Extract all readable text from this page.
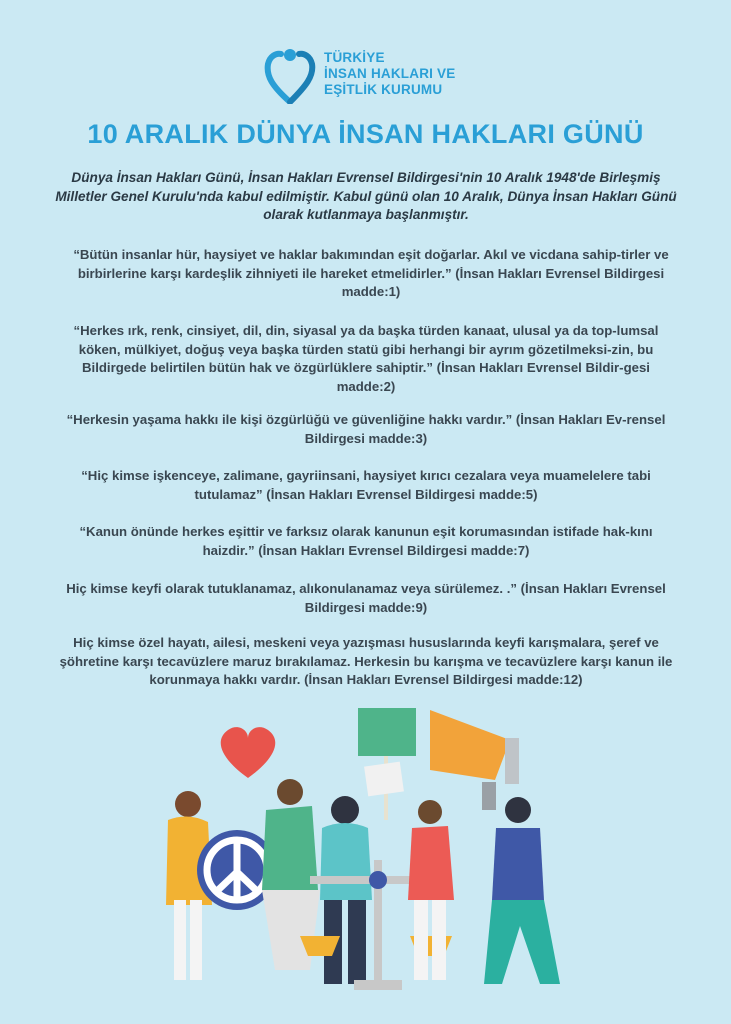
TÜRKİYE
İNSAN HAKLARI VE
EŞİTLİK KURUMU
10 ARALIK DÜNYA İNSAN HAKLARI GÜNÜ
Dünya İnsan Hakları Günü, İnsan Hakları Evrensel Bildirgesi'nin 10 Aralık 1948'de Birleşmiş Milletler Genel Kurulu'nda kabul edilmiştir. Kabul günü olan 10 Aralık, Dünya İnsan Hakları Günü olarak kutlanmaya başlanmıştır.
“Bütün insanlar hür, haysiyet ve haklar bakımından eşit doğarlar. Akıl ve vicdana sahip-tirler ve birbirlerine karşı kardeşlik zihniyeti ile hareket etmelidirler.” (İnsan Hakları Evrensel Bildirgesi madde:1)
“Herkes ırk, renk, cinsiyet, dil, din, siyasal ya da başka türden kanaat, ulusal ya da top-lumsal köken, mülkiyet, doğuş veya başka türden statü gibi herhangi bir ayrım gözetilmeksi-zin, bu Bildirgede belirtilen bütün hak ve özgürlüklere sahiptir.” (İnsan Hakları Evrensel Bildir-gesi madde:2)
“Herkesin yaşama hakkı ile kişi özgürlüğü ve güvenliğine hakkı vardır.” (İnsan Hakları Ev-rensel Bildirgesi madde:3)
“Hiç kimse işkenceye, zalimane, gayriinsani, haysiyet kırıcı cezalara veya muamelelere tabi tutulamaz” (İnsan Hakları Evrensel Bildirgesi madde:5)
“Kanun önünde herkes eşittir ve farksız olarak kanunun eşit korumasından istifade hak-kını haizdir.” (İnsan Hakları Evrensel Bildirgesi madde:7)
Hiç kimse keyfi olarak tutuklanamaz, alıkonulanamaz veya sürülemez. .” (İnsan Hakları Evrensel Bildirgesi madde:9)
Hiç kimse özel hayatı, ailesi, meskeni veya yazışması hususlarında keyfi karışmalara, şeref ve şöhretine karşı tecavüzlere maruz bırakılamaz. Herkesin bu karışma ve tecavüzlere karşı kanun ile korunmaya hakkı vardır. (İnsan Hakları Evrensel Bildirgesi madde:12)
